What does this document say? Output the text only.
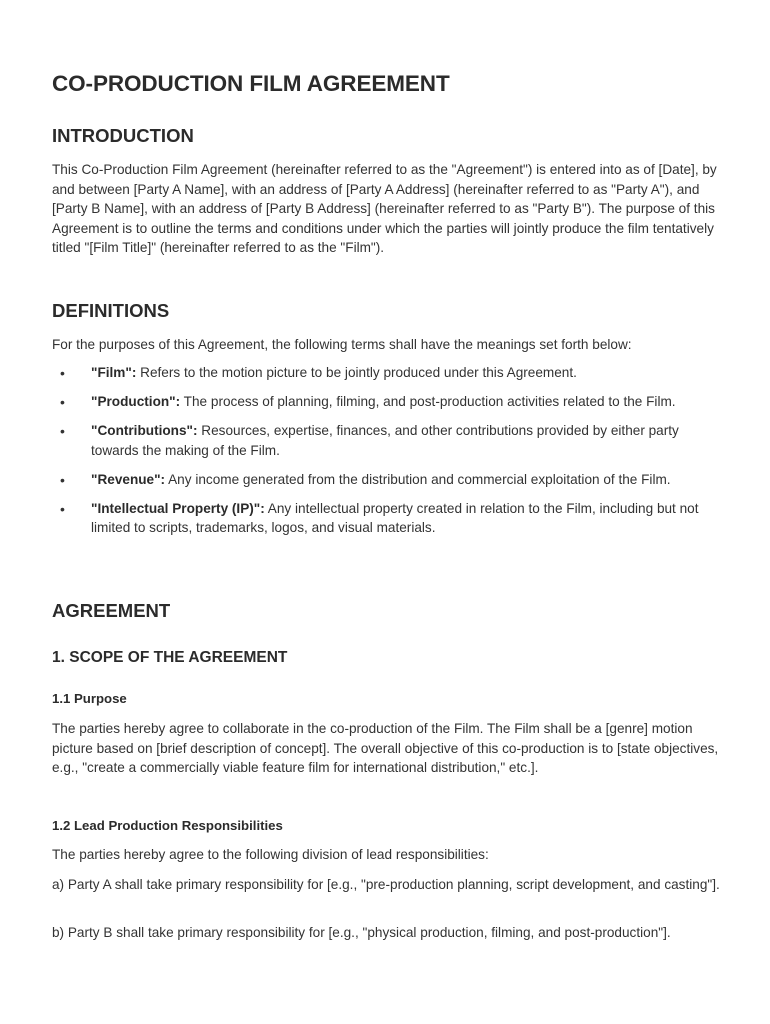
CO-PRODUCTION FILM AGREEMENT
INTRODUCTION

This Co-Production Film Agreement (hereinafter referred to as the "Agreement") is entered into as of [Date], by and between [Party A Name], with an address of [Party A Address] (hereinafter referred to as "Party A"), and [Party B Name], with an address of [Party B Address] (hereinafter referred to as "Party B"). The purpose of this Agreement is to outline the terms and conditions under which the parties will jointly produce the film tentatively titled "[Film Title]" (hereinafter referred to as the "Film").

DEFINITIONS

For the purposes of this Agreement, the following terms shall have the meanings set forth below:

• "Film": Refers to the motion picture to be jointly produced under this Agreement.
• "Production": The process of planning, filming, and post-production activities related to the Film.
• "Contributions": Resources, expertise, finances, and other contributions provided by either party towards the making of the Film.
• "Revenue": Any income generated from the distribution and commercial exploitation of the Film.
• "Intellectual Property (IP)": Any intellectual property created in relation to the Film, including but not limited to scripts, trademarks, logos, and visual materials.
AGREEMENT
1. SCOPE OF THE AGREEMENT
1.1 Purpose

The parties hereby agree to collaborate in the co-production of the Film. The Film shall be a [genre] motion picture based on [brief description of concept]. The overall objective of this co-production is to [state objectives, e.g., "create a commercially viable feature film for international distribution," etc.].

1.2 Lead Production Responsibilities

The parties hereby agree to the following division of lead responsibilities:

a) Party A shall take primary responsibility for [e.g., "pre-production planning, script development, and casting"].

b) Party B shall take primary responsibility for [e.g., "physical production, filming, and post-production"].
